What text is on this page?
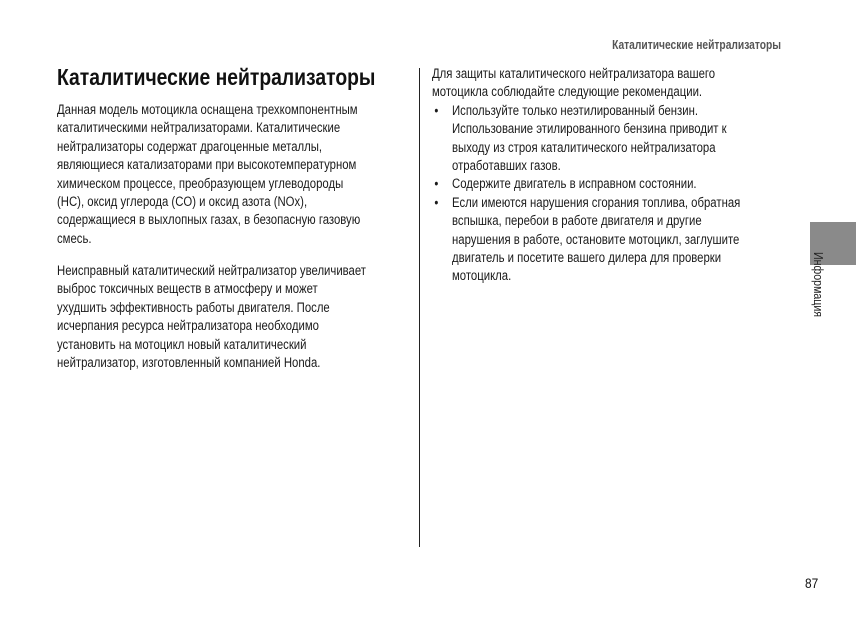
Каталитические нейтрализаторы
Каталитические нейтрализаторы
Данная модель мотоцикла оснащена трехкомпонентным
каталитическими нейтрализаторами. Каталитические
нейтрализаторы содержат драгоценные металлы,
являющиеся катализаторами при высокотемпературном
химическом процессе, преобразующем углеводороды
(HC), оксид углерода (CO) и оксид азота (NOx),
содержащиеся в выхлопных газах, в безопасную газовую
смесь.
Неисправный каталитический нейтрализатор увеличивает
выброс токсичных веществ в атмосферу и может
ухудшить эффективность работы двигателя. После
исчерпания ресурса нейтрализатора необходимо
установить на мотоцикл новый каталитический
нейтрализатор, изготовленный компанией Honda.
Для защиты каталитического нейтрализатора вашего
мотоцикла соблюдайте следующие рекомендации.
• Используйте только неэтилированный бензин.
Использование этилированного бензина приводит к
выходу из строя каталитического нейтрализатора
отработавших газов.
• Содержите двигатель в исправном состоянии.
• Если имеются нарушения сгорания топлива, обратная
вспышка, перебои в работе двигателя и другие
нарушения в работе, остановите мотоцикл, заглушите
двигатель и посетите вашего дилера для проверки
мотоцикла.	Информация
87
